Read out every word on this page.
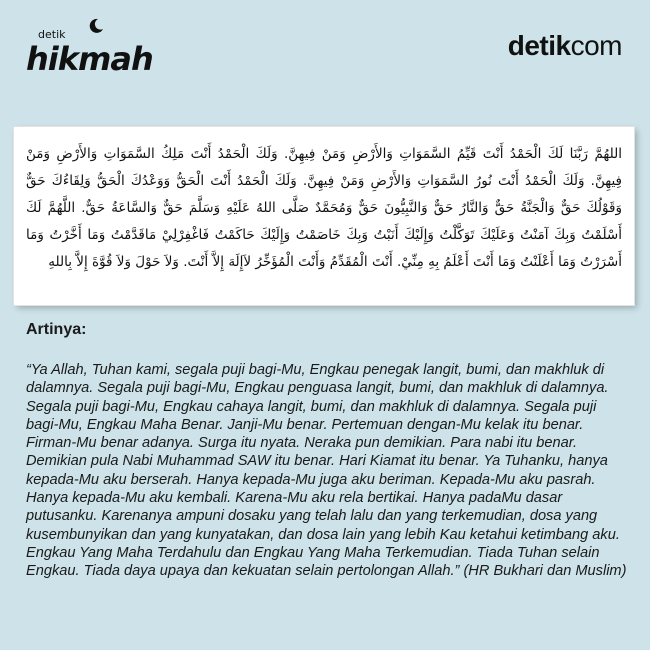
detik
hikmah	detikcom

اللهُمَّ رَبَّنَا لَكَ الْحَمْدُ أَنْتَ قَيِّمُ السَّمَوَاتِ وَالأَرْضِ وَمَنْ فِيهِنَّ. وَلَكَ الْحَمْدُ أَنْتَ مَلِكُ السَّمَوَاتِ وَالأَرْضِ وَمَنْ فِيهِنَّ. وَلَكَ الْحَمْدُ أَنْتَ نُورُ السَّمَوَاتِ وَالأَرْضِ وَمَنْ فِيهِنَّ. وَلَكَ الْحَمْدُ أَنْتَ الْحَقُّ وَوَعْدُكَ الْحَقُّ وَلِقَاءُكَ حَقٌّ وَقَوْلُكَ حَقٌّ وَالْجَنَّةُ حَقٌّ وَالنَّارُ حَقٌّ وَالنَّبِيُّونَ حَقٌّ وَمُحَمَّدٌ صَلَّى اللهُ عَلَيْهِ وَسَلَّمَ حَقٌّ وَالسَّاعَةُ حَقٌّ. اللَّهُمَّ لَكَ أَسْلَمْتُ وَبِكَ آمَنْتُ وَعَلَيْكَ تَوَكَّلْتُ وَإِلَيْكَ أَنَبْتُ وَبِكَ خَاصَمْتُ وَإِلَيْكَ حَاكَمْتُ فَاغْفِرْلِيْ مَاقَدَّمْتُ وَمَا أَخَّرْتُ وَمَا أَسْرَرْتُ وَمَا أَعْلَنْتُ وَمَا أَنْتَ أَعْلَمُ بِهِ مِنِّيْ. أَنْتَ الْمُقَدِّمُ وَأَنْتَ الْمُؤَخِّرُ لاَإِلَهَ إِلاَّ أَنْتَ. وَلاَ حَوْلَ وَلاَ قُوَّةَ إِلاَّ بِاللهِ

Artinya:

“Ya Allah, Tuhan kami, segala puji bagi-Mu, Engkau penegak langit, bumi, dan makhluk di dalamnya. Segala puji bagi-Mu, Engkau penguasa langit, bumi, dan makhluk di dalamnya. Segala puji bagi-Mu, Engkau cahaya langit, bumi, dan makhluk di dalamnya. Segala puji bagi-Mu, Engkau Maha Benar. Janji-Mu benar. Pertemuan dengan-Mu kelak itu benar. Firman-Mu benar adanya. Surga itu nyata. Neraka pun demikian. Para nabi itu benar. Demikian pula Nabi Muhammad SAW itu benar. Hari Kiamat itu benar. Ya Tuhanku, hanya kepada-Mu aku berserah. Hanya kepada-Mu juga aku beriman. Kepada-Mu aku pasrah. Hanya kepada-Mu aku kembali. Karena-Mu aku rela bertikai. Hanya padaMu dasar putusanku. Karenanya ampuni dosaku yang telah lalu dan yang terkemudian, dosa yang kusembunyikan dan yang kunyatakan, dan dosa lain yang lebih Kau ketahui ketimbang aku. Engkau Yang Maha Terdahulu dan Engkau Yang Maha Terkemudian. Tiada Tuhan selain Engkau. Tiada daya upaya dan kekuatan selain pertolongan Allah.” (HR Bukhari dan Muslim)
